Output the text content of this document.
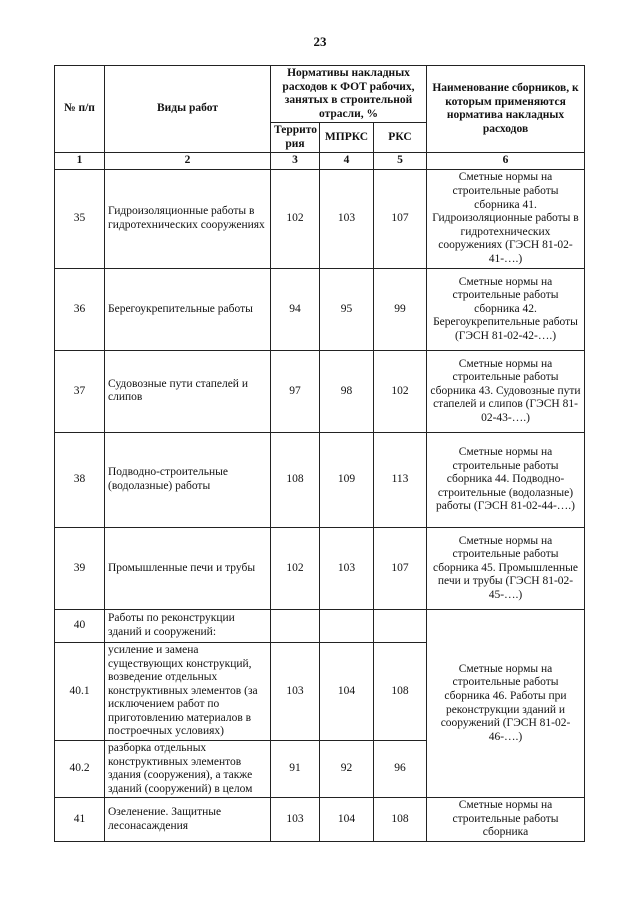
23
№ п/п	Виды работ	Нормативы накладных расходов к ФОТ рабочих, занятых в строительной отрасли, %			Наименование сборников, к которым применяются норматива накладных расходов
		Террито рия	МПРКС	РКС	
1	2	3	4	5	6
35	Гидроизоляционные работы в гидротехнических сооружениях	102	103	107	Сметные нормы на строительные работы сборника 41. Гидроизоляционные работы в гидротехнических сооружениях (ГЭСН 81-02-41-….)
36	Берегоукрепительные работы	94	95	99	Сметные нормы на строительные работы сборника 42. Берегоукрепительные работы (ГЭСН 81-02-42-….)
37	Судовозные пути стапелей и слипов	97	98	102	Сметные нормы на строительные работы сборника 43. Судовозные пути стапелей и слипов (ГЭСН 81-02-43-….)
38	Подводно-строительные (водолазные) работы	108	109	113	Сметные нормы на строительные работы сборника 44. Подводно-строительные (водолазные) работы (ГЭСН 81-02-44-….)
39	Промышленные печи и трубы	102	103	107	Сметные нормы на строительные работы сборника 45. Промышленные печи и трубы (ГЭСН 81-02-45-….)
40	Работы по реконструкции зданий и сооружений:				Сметные нормы на строительные работы сборника 46. Работы при реконструкции зданий и сооружений (ГЭСН 81-02-46-….)
40.1	усиление и замена существующих конструкций, возведение отдельных конструктивных элементов (за исключением работ по приготовлению материалов в построечных условиях)	103	104	108	
40.2	разборка отдельных конструктивных элементов здания (сооружения), а также зданий (сооружений) в целом	91	92	96	
41	Озеленение. Защитные лесонасаждения	103	104	108	Сметные нормы на строительные работы сборника
